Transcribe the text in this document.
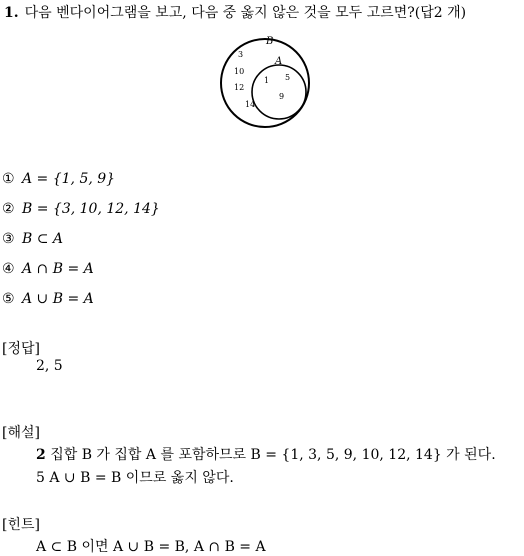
1. 다음 벤다이어그램을 보고, 다음 중 옳지 않은 것을 모두 고르면?(답2 개)
B
A
3
10
12
14
1 5
9
① A = {1, 5, 9}
② B = {3, 10, 12, 14}
③ B ⊂ A
④ A ∩ B = A
⑤ A ∪ B = A
[정답]
2, 5
[해설]
2 집합 B 가 집합 A 를 포함하므로 B = {1, 3, 5, 9, 10, 12, 14} 가 된다.
5 A ∪ B = B 이므로 옳지 않다.
[힌트]
A ⊂ B 이면 A ∪ B = B, A ∩ B = A
